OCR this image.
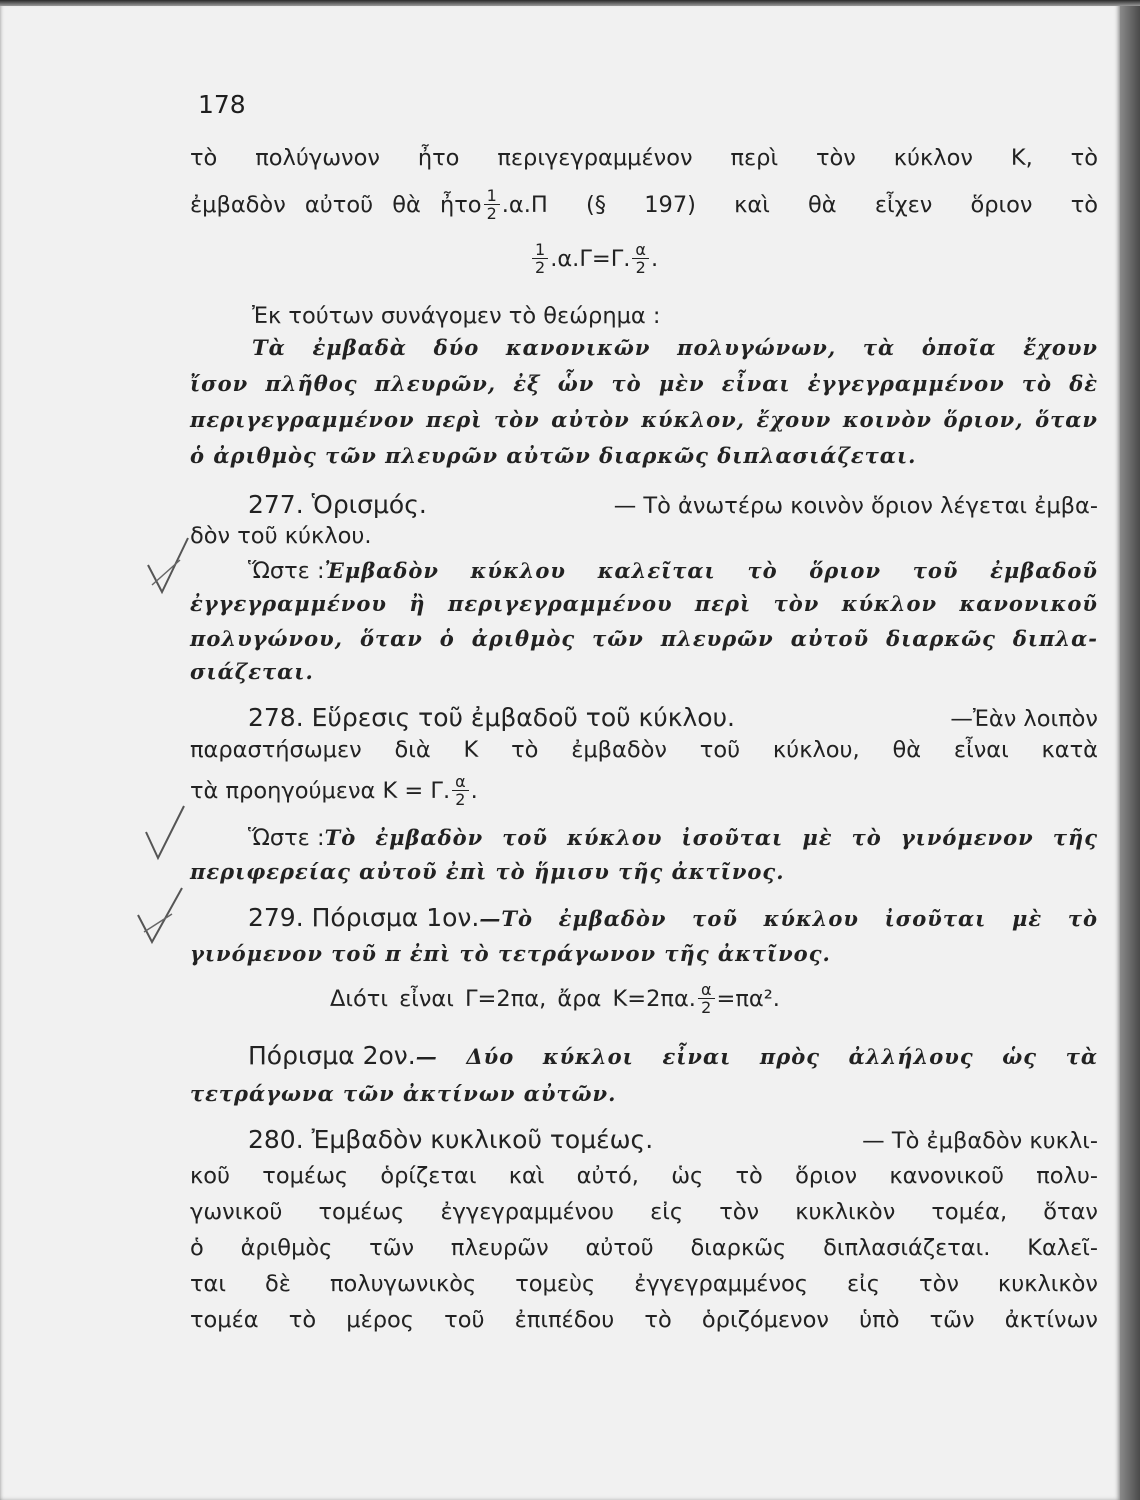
178
τὸ πολύγωνον ἦτο περιγεγραμμένον περὶ τὸν κύκλον Κ, τὸ
ἐμβαδὸν αὐτοῦ θὰ ἦτο $\frac{1}{2} .\alpha.\Pi$ (§ 197) καὶ θὰ εἶχεν ὅριον τὸ
$\frac{1}{2} .\alpha.\Gamma=\Gamma$. $\frac{\alpha}{2}$ .
Ἐκ τούτων συνάγομεν τὸ θεώρημα :
Τὰ ἐμβαδὰ δύο κανονικῶν πολυγώνων, τὰ ὁποῖα ἔχουν
ἴσον πλῆθος πλευρῶν, ἐξ ὧν τὸ μὲν εἶναι ἐγγεγραμμένον τὸ δὲ
περιγεγραμμένον περὶ τὸν αὐτὸν κύκλον, ἔχουν κοινὸν ὅριον, ὅταν
ὁ ἀριθμὸς τῶν πλευρῶν αὐτῶν διαρκῶς διπλασιάζεται.
277. Ὁρισμός.	— Τὸ ἀνωτέρω κοινὸν ὅριον λέγεται ἐμβα-
δὸν τοῦ κύκλου.
Ὥστε : Ἐμβαδὸν κύκλου καλεῖται τὸ ὅριον τοῦ ἐμβαδοῦ
ἐγγεγραμμένου ἢ περιγεγραμμένου περὶ τὸν κύκλον κανονικοῦ
πολυγώνου, ὅταν ὁ ἀριθμὸς τῶν πλευρῶν αὐτοῦ διαρκῶς διπλα-
σιάζεται.
278. Εὕρεσις τοῦ ἐμβαδοῦ τοῦ κύκλου.	—Ἐὰν λοιπὸν
παραστήσωμεν διὰ Κ τὸ ἐμβαδὸν τοῦ κύκλου, θὰ εἶναι κατὰ
τὰ προηγούμενα Κ = Γ. $\frac{\alpha}{2}$ .
Ὥστε : Τὸ ἐμβαδὸν τοῦ κύκλου ἰσοῦται μὲ τὸ γινόμενον τῆς
περιφερείας αὐτοῦ ἐπὶ τὸ ἥμισυ τῆς ἀκτῖνος.
279. Πόρισμα 1ον. —Τὸ ἐμβαδὸν τοῦ κύκλου ἰσοῦται μὲ τὸ
γινόμενον τοῦ π ἐπὶ τὸ τετράγωνον τῆς ἀκτῖνος.
Διότι εἶναι Γ=2πα, ἄρα Κ=2πα. $\frac{\alpha}{2} =\pi\alpha^2$.
Πόρισμα 2ον. — Δύο κύκλοι εἶναι πρὸς ἀλλήλους ὡς τὰ
τετράγωνα τῶν ἀκτίνων αὐτῶν.
280. Ἐμβαδὸν κυκλικοῦ τομέως.	— Τὸ ἐμβαδὸν κυκλι-
κοῦ τομέως ὁρίζεται καὶ αὐτό, ὡς τὸ ὅριον κανονικοῦ πολυ-
γωνικοῦ τομέως ἐγγεγραμμένου εἰς τὸν κυκλικὸν τομέα, ὅταν
ὁ ἀριθμὸς τῶν πλευρῶν αὐτοῦ διαρκῶς διπλασιάζεται. Καλεῖ-
ται δὲ πολυγωνικὸς τομεὺς ἐγγεγραμμένος εἰς τὸν κυκλικὸν
τομέα τὸ μέρος τοῦ ἐπιπέδου τὸ ὁριζόμενον ὑπὸ τῶν ἀκτίνων
